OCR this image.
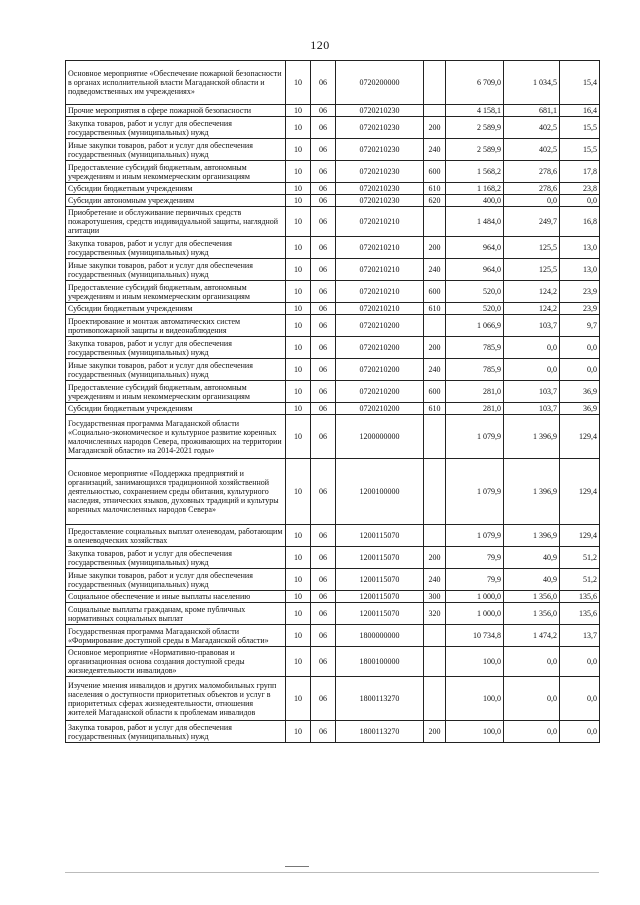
120
Основное мероприятие «Обеспечение пожарной безопасности в органах исполнительной власти Магаданской области и подведомственных им учреждениях»	10	06	0720200000		6 709,0	1 034,5	15,4
Прочие мероприятия в сфере пожарной безопасности	10	06	0720210230		4 158,1	681,1	16,4
Закупка товаров, работ и услуг для обеспечения государственных (муниципальных) нужд	10	06	0720210230	200	2 589,9	402,5	15,5
Иные закупки товаров, работ и услуг для обеспечения государственных (муниципальных) нужд	10	06	0720210230	240	2 589,9	402,5	15,5
Предоставление субсидий бюджетным, автономным учреждениям и иным некоммерческим организациям	10	06	0720210230	600	1 568,2	278,6	17,8
Субсидии бюджетным учреждениям	10	06	0720210230	610	1 168,2	278,6	23,8
Субсидии автономным учреждениям	10	06	0720210230	620	400,0	0,0	0,0
Приобретение и обслуживание первичных средств пожаротушения, средств индивидуальной защиты, наглядной агитации	10	06	0720210210		1 484,0	249,7	16,8
Закупка товаров, работ и услуг для обеспечения государственных (муниципальных) нужд	10	06	0720210210	200	964,0	125,5	13,0
Иные закупки товаров, работ и услуг для обеспечения государственных (муниципальных) нужд	10	06	0720210210	240	964,0	125,5	13,0
Предоставление субсидий бюджетным, автономным учреждениям и иным некоммерческим организациям	10	06	0720210210	600	520,0	124,2	23,9
Субсидии бюджетным учреждениям	10	06	0720210210	610	520,0	124,2	23,9
Проектирование и монтаж автоматических систем противопожарной защиты и видеонаблюдения	10	06	0720210200		1 066,9	103,7	9,7
Закупка товаров, работ и услуг для обеспечения государственных (муниципальных) нужд	10	06	0720210200	200	785,9	0,0	0,0
Иные закупки товаров, работ и услуг для обеспечения государственных (муниципальных) нужд	10	06	0720210200	240	785,9	0,0	0,0
Предоставление субсидий бюджетным, автономным учреждениям и иным некоммерческим организациям	10	06	0720210200	600	281,0	103,7	36,9
Субсидии бюджетным учреждениям	10	06	0720210200	610	281,0	103,7	36,9
Государственная программа Магаданской области «Социально-экономическое и культурное развитие коренных малочисленных народов Севера, проживающих на территории Магаданской области» на 2014-2021 годы»	10	06	1200000000		1 079,9	1 396,9	129,4
Основное мероприятие «Поддержка предприятий и организаций, занимающихся традиционной хозяйственной деятельностью, сохранением среды обитания, культурного наследия, этнических языков, духовных традиций и культуры коренных малочисленных народов Севера»	10	06	1200100000		1 079,9	1 396,9	129,4
Предоставление социальных выплат оленеводам, работающим в оленеводческих хозяйствах	10	06	1200115070		1 079,9	1 396,9	129,4
Закупка товаров, работ и услуг для обеспечения государственных (муниципальных) нужд	10	06	1200115070	200	79,9	40,9	51,2
Иные закупки товаров, работ и услуг для обеспечения государственных (муниципальных) нужд	10	06	1200115070	240	79,9	40,9	51,2
Социальное обеспечение и иные выплаты населению	10	06	1200115070	300	1 000,0	1 356,0	135,6
Социальные выплаты гражданам, кроме публичных нормативных социальных выплат	10	06	1200115070	320	1 000,0	1 356,0	135,6
Государственная программа Магаданской области «Формирование доступной среды в Магаданской области»	10	06	1800000000		10 734,8	1 474,2	13,7
Основное мероприятие «Нормативно-правовая и организационная основа создания доступной среды жизнедеятельности инвалидов»	10	06	1800100000		100,0	0,0	0,0
Изучение мнения инвалидов и других маломобильных групп населения о доступности приоритетных объектов и услуг в приоритетных сферах жизнедеятельности, отношения жителей Магаданской области к проблемам инвалидов	10	06	1800113270		100,0	0,0	0,0
Закупка товаров, работ и услуг для обеспечения государственных (муниципальных) нужд	10	06	1800113270	200	100,0	0,0	0,0
